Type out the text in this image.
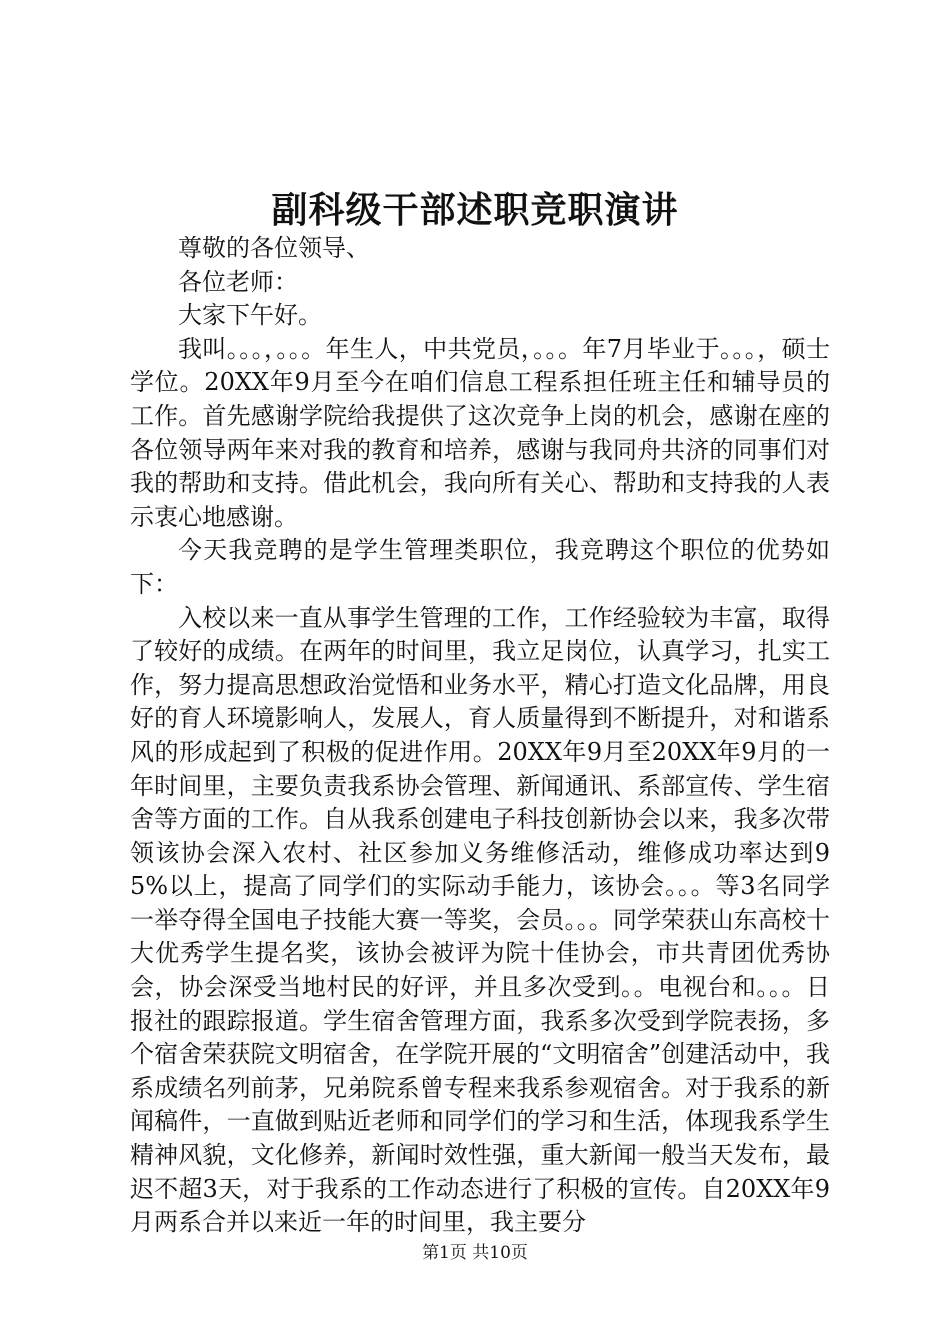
副科级干部述职竞职演讲

尊敬的各位领导、

各位老师：

大家下午好。

我叫。。。，。。。年生人，中共党员，。。。年7月毕业于。。。，硕士学位。20XX年9月至今在咱们信息工程系担任班主任和辅导员的工作。首先感谢学院给我提供了这次竞争上岗的机会，感谢在座的各位领导两年来对我的教育和培养，感谢与我同舟共济的同事们对我的帮助和支持。借此机会，我向所有关心、帮助和支持我的人表示衷心地感谢。

今天我竞聘的是学生管理类职位，我竞聘这个职位的优势如下：

入校以来一直从事学生管理的工作，工作经验较为丰富，取得了较好的成绩。在两年的时间里，我立足岗位，认真学习，扎实工作，努力提高思想政治觉悟和业务水平，精心打造文化品牌，用良好的育人环境影响人，发展人，育人质量得到不断提升，对和谐系风的形成起到了积极的促进作用。20XX年9月至20XX年9月的一年时间里，主要负责我系协会管理、新闻通讯、系部宣传、学生宿舍等方面的工作。自从我系创建电子科技创新协会以来，我多次带领该协会深入农村、社区参加义务维修活动，维修成功率达到95%以上，提高了同学们的实际动手能力，该协会。。。等3名同学一举夺得全国电子技能大赛一等奖，会员。。。同学荣获山东高校十大优秀学生提名奖，该协会被评为院十佳协会，市共青团优秀协会，协会深受当地村民的好评，并且多次受到。。电视台和。。。日报社的跟踪报道。学生宿舍管理方面，我系多次受到学院表扬，多个宿舍荣获院文明宿舍，在学院开展的“文明宿舍”创建活动中，我系成绩名列前茅，兄弟院系曾专程来我系参观宿舍。对于我系的新闻稿件，一直做到贴近老师和同学们的学习和生活，体现我系学生精神风貌，文化修养，新闻时效性强，重大新闻一般当天发布，最迟不超3天，对于我系的工作动态进行了积极的宣传。自20XX年9月两系合并以来近一年的时间里，我主要分

第1页 共10页
